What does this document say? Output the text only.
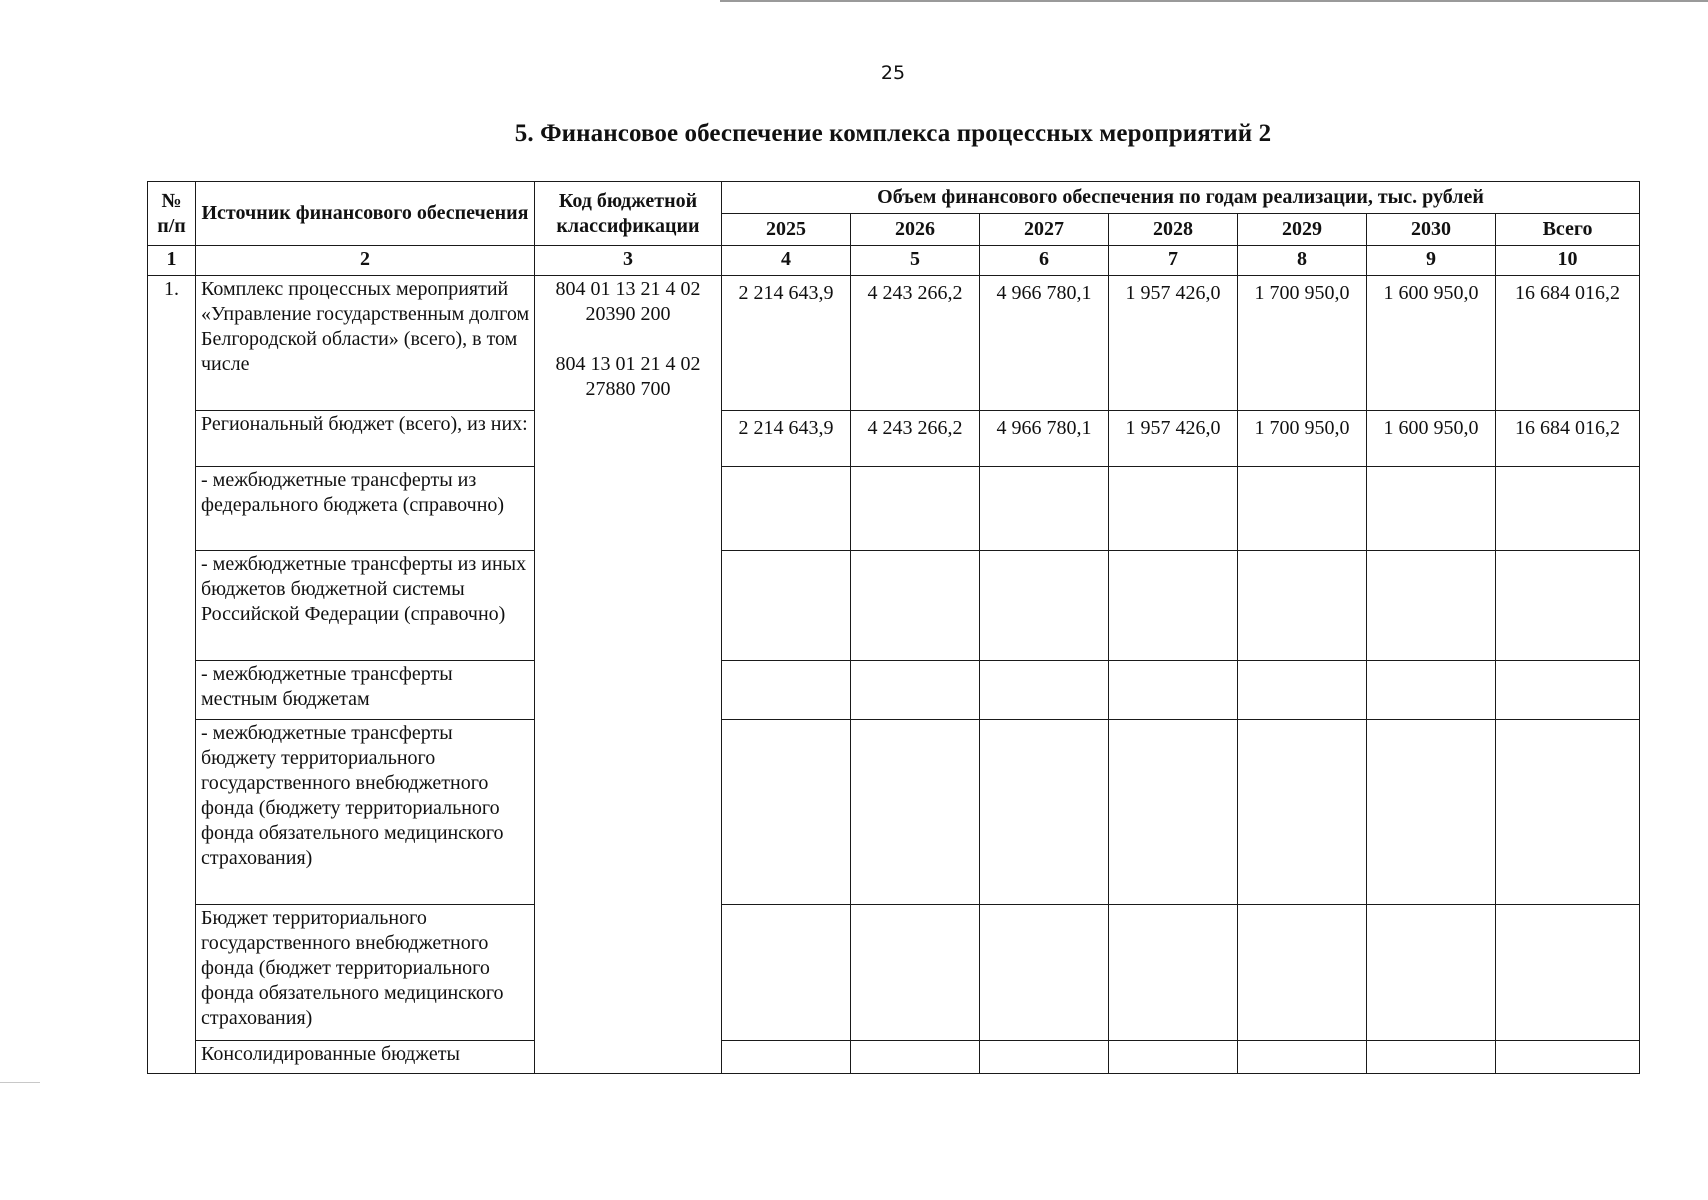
25
5. Финансовое обеспечение комплекса процессных мероприятий 2
№ п/п	Источник финансового обеспечения	Код бюджетной классификации	Объем финансового обеспечения по годам реализации, тыс. рублей						
			2025	2026	2027	2028	2029	2030	Всего
1	2	3	4	5	6	7	8	9	10
1.	Комплекс процессных мероприятий «Управление государственным долгом Белгородской области» (всего), в том числе	804 01 13 21 4 02
20390 200
804 13 01 21 4 02
27880 700	2 214 643,9	4 243 266,2	4 966 780,1	1 957 426,0	1 700 950,0	1 600 950,0	16 684 016,2
	Региональный бюджет (всего), из них:		2 214 643,9	4 243 266,2	4 966 780,1	1 957 426,0	1 700 950,0	1 600 950,0	16 684 016,2
	- межбюджетные трансферты из федерального бюджета (справочно)								
	- межбюджетные трансферты из иных бюджетов бюджетной системы Российской Федерации (справочно)								
	- межбюджетные трансферты местным бюджетам								
	- межбюджетные трансферты бюджету территориального государственного внебюджетного фонда (бюджету территориального фонда обязательного медицинского страхования)								
	Бюджет территориального государственного внебюджетного фонда (бюджет территориального фонда обязательного медицинского страхования)								
	Консолидированные бюджеты								
